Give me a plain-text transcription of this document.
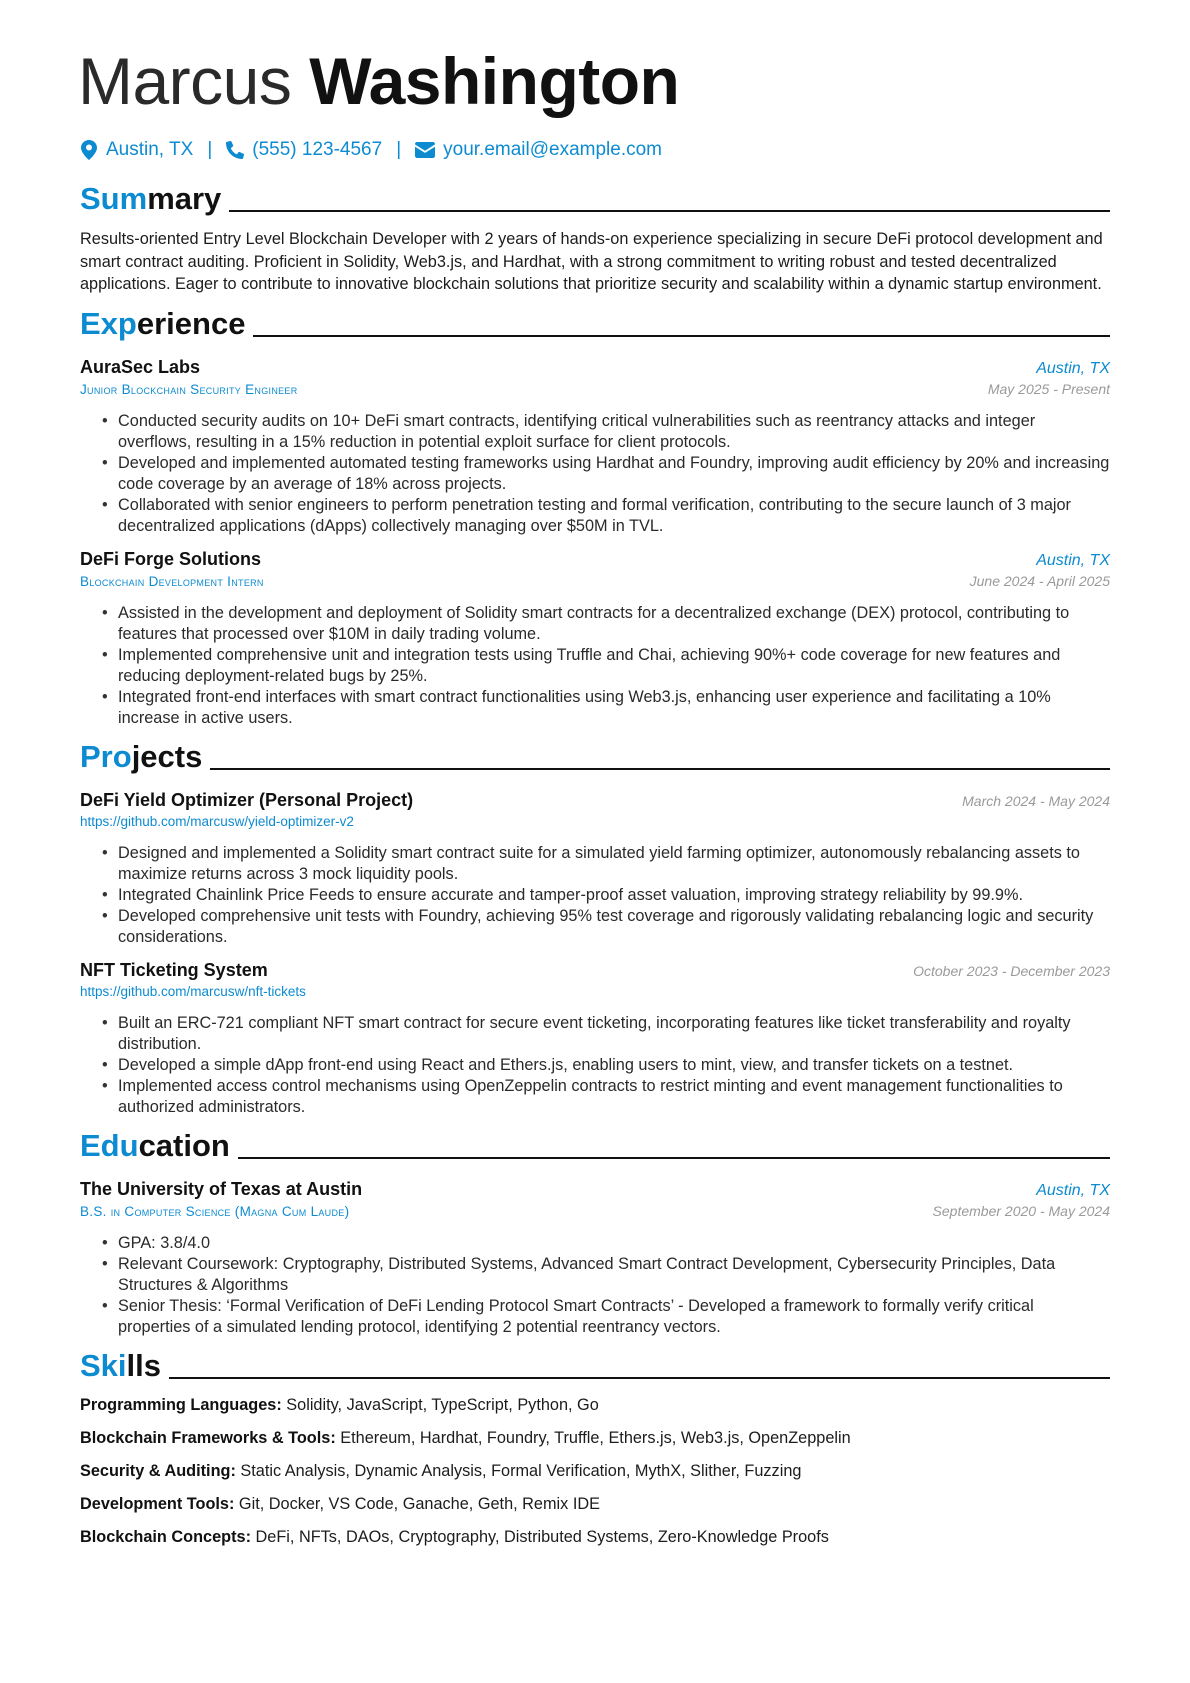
Marcus Washington
Austin, TX | (555) 123-4567 | your.email@example.com
Summary

Results-oriented Entry Level Blockchain Developer with 2 years of hands-on experience specializing in secure DeFi protocol development and smart contract auditing. Proficient in Solidity, Web3.js, and Hardhat, with a strong commitment to writing robust and tested decentralized applications. Eager to contribute to innovative blockchain solutions that prioritize security and scalability within a dynamic startup environment.

Experience
AuraSec Labs	Austin, TX
Junior Blockchain Security Engineer	May 2025 - Present
• Conducted security audits on 10+ DeFi smart contracts, identifying critical vulnerabilities such as reentrancy attacks and integer overflows, resulting in a 15% reduction in potential exploit surface for client protocols.
• Developed and implemented automated testing frameworks using Hardhat and Foundry, improving audit efficiency by 20% and increasing code coverage by an average of 18% across projects.
• Collaborated with senior engineers to perform penetration testing and formal verification, contributing to the secure launch of 3 major decentralized applications (dApps) collectively managing over $50M in TVL.
DeFi Forge Solutions	Austin, TX
Blockchain Development Intern	June 2024 - April 2025
• Assisted in the development and deployment of Solidity smart contracts for a decentralized exchange (DEX) protocol, contributing to features that processed over $10M in daily trading volume.
• Implemented comprehensive unit and integration tests using Truffle and Chai, achieving 90%+ code coverage for new features and reducing deployment-related bugs by 25%.
• Integrated front-end interfaces with smart contract functionalities using Web3.js, enhancing user experience and facilitating a 10% increase in active users.
Projects
DeFi Yield Optimizer (Personal Project)	March 2024 - May 2024
https://github.com/marcusw/yield-optimizer-v2
• Designed and implemented a Solidity smart contract suite for a simulated yield farming optimizer, autonomously rebalancing assets to maximize returns across 3 mock liquidity pools.
• Integrated Chainlink Price Feeds to ensure accurate and tamper-proof asset valuation, improving strategy reliability by 99.9%.
• Developed comprehensive unit tests with Foundry, achieving 95% test coverage and rigorously validating rebalancing logic and security considerations.
NFT Ticketing System	October 2023 - December 2023
https://github.com/marcusw/nft-tickets
• Built an ERC-721 compliant NFT smart contract for secure event ticketing, incorporating features like ticket transferability and royalty distribution.
• Developed a simple dApp front-end using React and Ethers.js, enabling users to mint, view, and transfer tickets on a testnet.
• Implemented access control mechanisms using OpenZeppelin contracts to restrict minting and event management functionalities to authorized administrators.
Education
The University of Texas at Austin	Austin, TX
B.S. in Computer Science (Magna Cum Laude)	September 2020 - May 2024
• GPA: 3.8/4.0
• Relevant Coursework: Cryptography, Distributed Systems, Advanced Smart Contract Development, Cybersecurity Principles, Data Structures & Algorithms
• Senior Thesis: ‘Formal Verification of DeFi Lending Protocol Smart Contracts’ - Developed a framework to formally verify critical properties of a simulated lending protocol, identifying 2 potential reentrancy vectors.
Skills
Programming Languages: Solidity, JavaScript, TypeScript, Python, Go
Blockchain Frameworks & Tools: Ethereum, Hardhat, Foundry, Truffle, Ethers.js, Web3.js, OpenZeppelin
Security & Auditing: Static Analysis, Dynamic Analysis, Formal Verification, MythX, Slither, Fuzzing
Development Tools: Git, Docker, VS Code, Ganache, Geth, Remix IDE
Blockchain Concepts: DeFi, NFTs, DAOs, Cryptography, Distributed Systems, Zero-Knowledge Proofs
